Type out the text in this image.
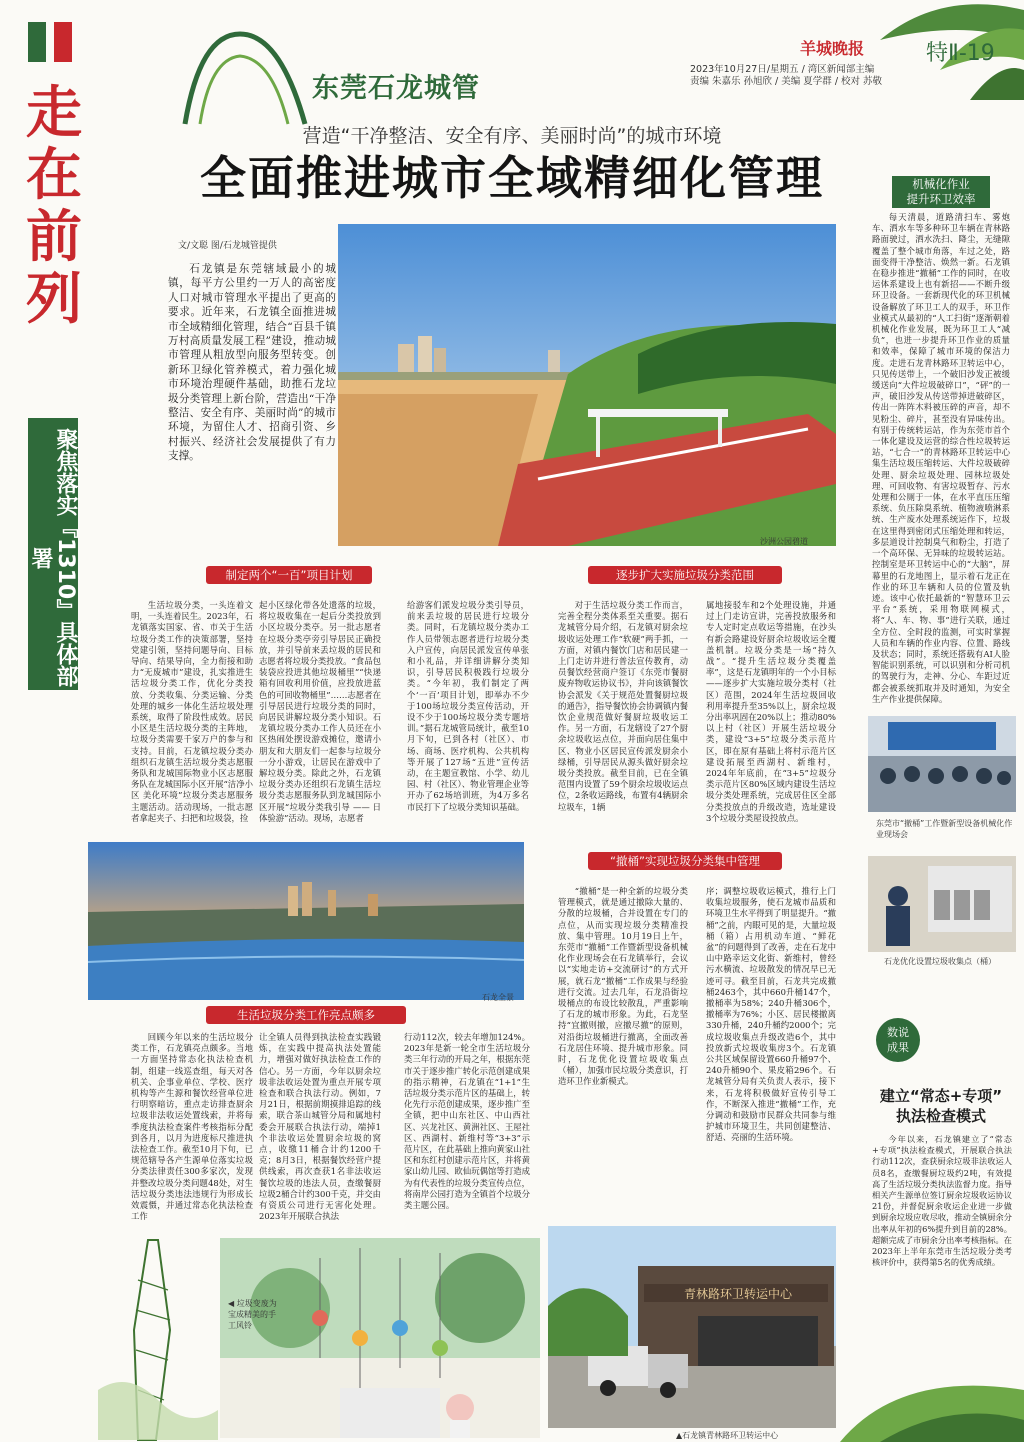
走在前列
聚焦落实『1310』具体部署
东莞石龙城管
羊城晚报	特Ⅱ-19
2023年10月27日/星期五 / 湾区新闻部主编
责编 朱嘉乐 孙旭欣 / 美编 夏学群 / 校对 苏敬
营造“干净整洁、安全有序、美丽时尚”的城市环境
全面推进城市全域精细化管理
文/文聪 图/石龙城管提供
石龙镇是东莞辖域最小的城镇，每平方公里约一万人的高密度人口对城市管理水平提出了更高的要求。近年来，石龙镇全面推进城市全域精细化管理，结合“百县千镇万村高质量发展工程”建设，推动城市管理从粗放型向服务型转变。创新环卫绿化管养模式，着力强化城市环境治理硬件基础，助推石龙垃圾分类管理上新台阶，营造出“干净整洁、安全有序、美丽时尚”的城市环境，为留住人才、招商引资、乡村振兴、经济社会发展提供了有力支撑。
沙洲公园碧道
制定两个“一百”项目计划
生活垃圾分类，一头连着文明，一头连着民生。2023年，石龙镇落实国家、省、市关于生活垃圾分类工作的决策部署，坚持党建引领，坚持问题导向、目标导向、结果导向，全力衔接和助力“无废城市”建设，扎实推进生活垃圾分类工作，优化分类投放、分类收集、分类运输、分类处理的城乡一体化生活垃圾处理系统，取得了阶段性成效。居民小区是生活垃圾分类的主阵地，垃圾分类需要千家万户的参与和支持。目前，石龙镇垃圾分类办组织石龙镇生活垃圾分类志愿服务队和龙城国际物业小区志愿服务队在龙城国际小区开展“洁净小区 美化环境”垃圾分类志愿服务主题活动。活动现场，一批志愿者拿起夹子、扫把和垃圾袋，捡
起小区绿化带各处遗落的垃圾，将垃圾收集在一起后分类投放到小区垃圾分类亭。另一批志愿者在垃圾分类亭旁引导居民正确投放，并引导前来丢垃圾的居民和志愿者将垃圾分类投放。“食品包装袋应投进其他垃圾桶里”“快递箱有回收利用价值，应投放进蓝色的可回收物桶里”……志愿者在引导居民进行垃圾分类的同时，向居民讲解垃圾分类小知识。石龙镇垃圾分类办工作人员还在小区热闹处摆设游戏摊位，邀请小朋友和大朋友们一起参与垃圾分一分小游戏，让居民在游戏中了解垃圾分类。除此之外，石龙镇垃圾分类办还组织石龙镇生活垃圾分类志愿服务队到龙城国际小区开展“垃圾分类我引导 —— 日体验游”活动。现场，志愿者
给游客们派发垃圾分类引导员，前来丢垃圾的居民进行垃圾分类。同时，石龙镇垃圾分类办工作人员带领志愿者进行垃圾分类入户宣传，向居民派发宣传单张和小礼品，并详细讲解分类知识，引导居民积极践行垃圾分类。“今年初，我们制定了两个‘一百’项目计划，即举办不少于100场垃圾分类宣传活动，开设不少于100场垃圾分类专题培训。”据石龙城管局统计，截至10月下旬，已到各村（社区）、市场、商场、医疗机构、公共机构等开展了127场“五进”宣传活动，在主题宣教馆、小学、幼儿园、村（社区）、物业管理企业等开办了62场培训班，为4万多名市民打下了垃圾分类知识基础。
逐步扩大实施垃圾分类范围
对于生活垃圾分类工作而言，完善全程分类体系至关重要。据石龙城管分局介绍，石龙镇对厨余垃圾收运处理工作“软硬”两手抓，一方面，对镇内餐饮门店和居民建一上门走访并进行普法宣传教育，动员餐饮经营商户签订《东莞市餐厨废弃物收运协议书》，并向该镇餐饮协会派发《关于规范处置餐厨垃圾的通告》，指导餐饮协会协调镇内餐饮企业规范做好餐厨垃圾收运工作。另一方面，石龙辖设了27个厨余垃圾收运点位，并面向居住集中区、物业小区居民宣传派发厨余小绿桶，引导居民从源头做好厨余垃圾分类投放。截至目前，已在全镇范围内设置了59个厨余垃圾收运点位，2条收运路线，布置有4辆厨余垃圾车，1辆
属地接驳车和2个处理设施，并通过上门走访宣讲，完善投放服务和专人定时定点收运等措施，在沙头有新会路建设好厨余垃圾收运全覆盖机制。垃圾分类是一场“持久战”。“提升生活垃圾分类覆盖率”，这是石龙镇明年的一个小目标——逐步扩大实施垃圾分类村（社区）范围，2024年生活垃圾回收利用率提升至35%以上，厨余垃圾分出率巩固在20%以上；推动80%以上村（社区）开展生活垃圾分类，建设“3+5”垃圾分类示范片区，即在原有基础上将村示范片区建设拓展至西湖村、新维村，2024年年底前，在“3+5”垃圾分类示范片区80%区域内建设生活垃圾分类处理系统，完成居住区全部分类投放点的升级改造，选址建设3个垃圾分类屋设投放点。
石龙全景
“撤桶”实现垃圾分类集中管理
“撤桶”是一种全新的垃圾分类管理模式，就是通过撤除大量的、分散的垃圾桶，合并设置在专门的点位，从而实现垃圾分类精准投放、集中管理。10月19日上午，东莞市“撤桶”工作暨新型设备机械化作业现场会在石龙镇举行，会议以“实地走访+交流研讨”的方式开展，就石龙“撤桶”工作成果与经验进行交流。过去几年，石龙沿街垃圾桶点的布设比较散乱，严重影响了石龙的城市形象。为此，石龙坚持“宜撤则撤，应撤尽撤”的原则，对沿街垃圾桶进行撤离，全面改善石龙居住环境、提升城市形象。同时，石龙优化设置垃圾收集点（桶），加强市民垃圾分类意识，打造环卫作业新模式。
序；调整垃圾收运模式，推行上门收集垃圾服务，使石龙城市品质和环境卫生水平得到了明显提升。“撤桶”之前，内眼可见的是，大量垃圾桶（箱）占用机动车道、“鲜花盆”的问题得到了改善，走在石龙中山中路幸运文化街、新维村，曾经污水横流、垃圾散发的情况早已无迹可寻。截至目前，石龙共完成撤桶2463个，其中660升桶147个，撤桶率为58%；240升桶306个，撤桶率为76%；小区、居民楼撤离330升桶，240升桶约2000个；完成垃圾收集点升级改造6个，其中投放新式垃圾收集房3个。石龙镇公共区域保留设置660升桶97个、240升桶90个、果皮箱296个。石龙城管分局有关负责人表示，接下来，石龙将积极做好宣传引导工作，不断深入推进“撤桶”工作，充分调动和鼓励市民群众共同参与维护城市环境卫生，共同创建整洁、舒适、亮丽的生活环境。
生活垃圾分类工作亮点颇多
回顾今年以来的生活垃圾分类工作，石龙镇亮点颇多。当地一方面坚持常态化执法检查机制，组建一线巡查组，每天对各机关、企事业单位、学校、医疗机构等产生源和餐饮经营单位进行明察暗访，重点走访排查厨余垃圾非法收运处置线索，并将每季度执法检查案件考核指标分配到各月，以月为进度标尺推进执法检查工作。截至10月下旬，已规范辖导各产生源单位落实垃圾分类法律责任300多家次，发现并整改垃圾分类问题48处，对生活垃圾分类违法违规行为形成长效震慑，并通过常态化执法检查工作
让全镇人员得到执法检查实践锻炼，在实践中提高执法处置能力，增强对做好执法检查工作的信心。另一方面，今年以厨余垃圾非法收运处置为重点开展专项检查和联合执法行动。例如，7月21日，根据前期摸排追踪的线索，联合茶山城管分局和属地村委会开展联合执法行动，端掉1个非法收运处置厨余垃圾的窝点，收缴11桶合计约1200千克；8月3日，根据餐饮经营户提供线索，再次查获1名非法收运餐饮垃圾的违法人员，查缴餐厨垃圾2桶合计约300千克，并交由有资质公司进行无害化处理。2023年开展联合执法
行动112次，较去年增加124%。2023年是新一轮全市生活垃圾分类三年行动的开局之年，根据东莞市关于逐步推广转化示范创建成果的指示精神，石龙镇在“1+1”生活垃圾分类示范片区的基础上，转化先行示范创建成果，逐步推广至全镇，把中山东社区、中山西社区、兴龙社区、黄洲社区、王屋社区、西湖村、新维村等“3+3”示范片区，在此基础上推向黄家山社区和东红村创建示范片区，并将黄家山幼儿园、欧仙玩偶馆等打造成为有代表性的垃圾分类宣传点位，将南岸公园打造为全镇首个垃圾分类主题公园。
◀ 垃圾变废为宝成精美的手工风铃
青林路环卫转运中心
▲石龙镇青林路环卫转运中心
机械化作业
提升环卫效率
每天清晨，道路清扫车、雾炮车、洒水车等多种环卫车辆在青林路路面驶过，洒水洗扫、降尘，无缝隙覆盖了整个城市角落，车过之处，路面变得干净整洁、焕然一新。石龙镇在稳步推进“撤桶”工作的同时，在收运体系建设上也有新招——不断升级环卫设备。一套新现代化的环卫机械设备解放了环卫工人的双手，环卫作业模式从最初的“人工扫街”逐渐朝着机械化作业发展，既为环卫工人“减负”，也进一步提升环卫作业的质量和效率，保障了城市环境的保洁力度。走进石龙青林路环卫转运中心，只见传送带上，一个破旧沙发正被缓缓送向“大件垃圾破碎口”，“砰”的一声，破旧沙发从传送带掉进破碎区，传出一阵阵木料被压碎的声音，却不见粉尘、碎片，甚至没有异味传出。有别于传统转运站，作为东莞市首个一体化建设及运营的综合性垃圾转运站，“七合一”的青林路环卫转运中心集生活垃圾压缩转运、大件垃圾破碎处理、厨余垃圾处理、园林垃圾处理、可回收物、有害垃圾暂存、污水处理和公厕于一体，在水平直压压缩系统、负压除臭系统、植物液喷淋系统、生产废水处理系统运作下，垃圾在这里得到密闭式压缩处理和转运，多层道设计控制臭气和粉尘，打造了一个高环保、无异味的垃圾转运站。控制室是环卫转运中心的“大脑”，屏幕里的石龙地图上，显示着石龙正在作业的环卫车辆和人员的位置及轨迹。该中心依托最新的“智慧环卫云平台”系统，采用物联网模式，将“人、车、物、事”进行关联，通过全方位、全时段的监测，可实时掌握人员和车辆的作业内容、位置、路线及状态；同时，系统还搭载有AI人脸智能识别系统，可以识别和分析司机的驾驶行为，走神、分心、车距过近都会被系统抓取并及时通知，为安全生产作业提供保障。
东莞市“撤桶”工作暨新型设备机械化作业现场会
石龙优化设置垃圾收集点（桶）
数说
成果
建立“常态+专项”
执法检查模式
今年以来，石龙镇建立了“常态+专项”执法检查模式，开展联合执法行动112次，查获厨余垃圾非法收运人员8名，查缴餐厨垃圾约2吨，有效提高了生活垃圾分类执法监督力度。指导相关产生源单位签订厨余垃圾收运协议21份，并督促厨余收运企业进一步做到厨余垃圾应收尽收，推动全镇厨余分出率从年初的6%提升到目前的28%。超额完成了市厨余分出率考核指标。在2023年上半年东莞市生活垃圾分类考核评价中，获得第5名的优秀成绩。
